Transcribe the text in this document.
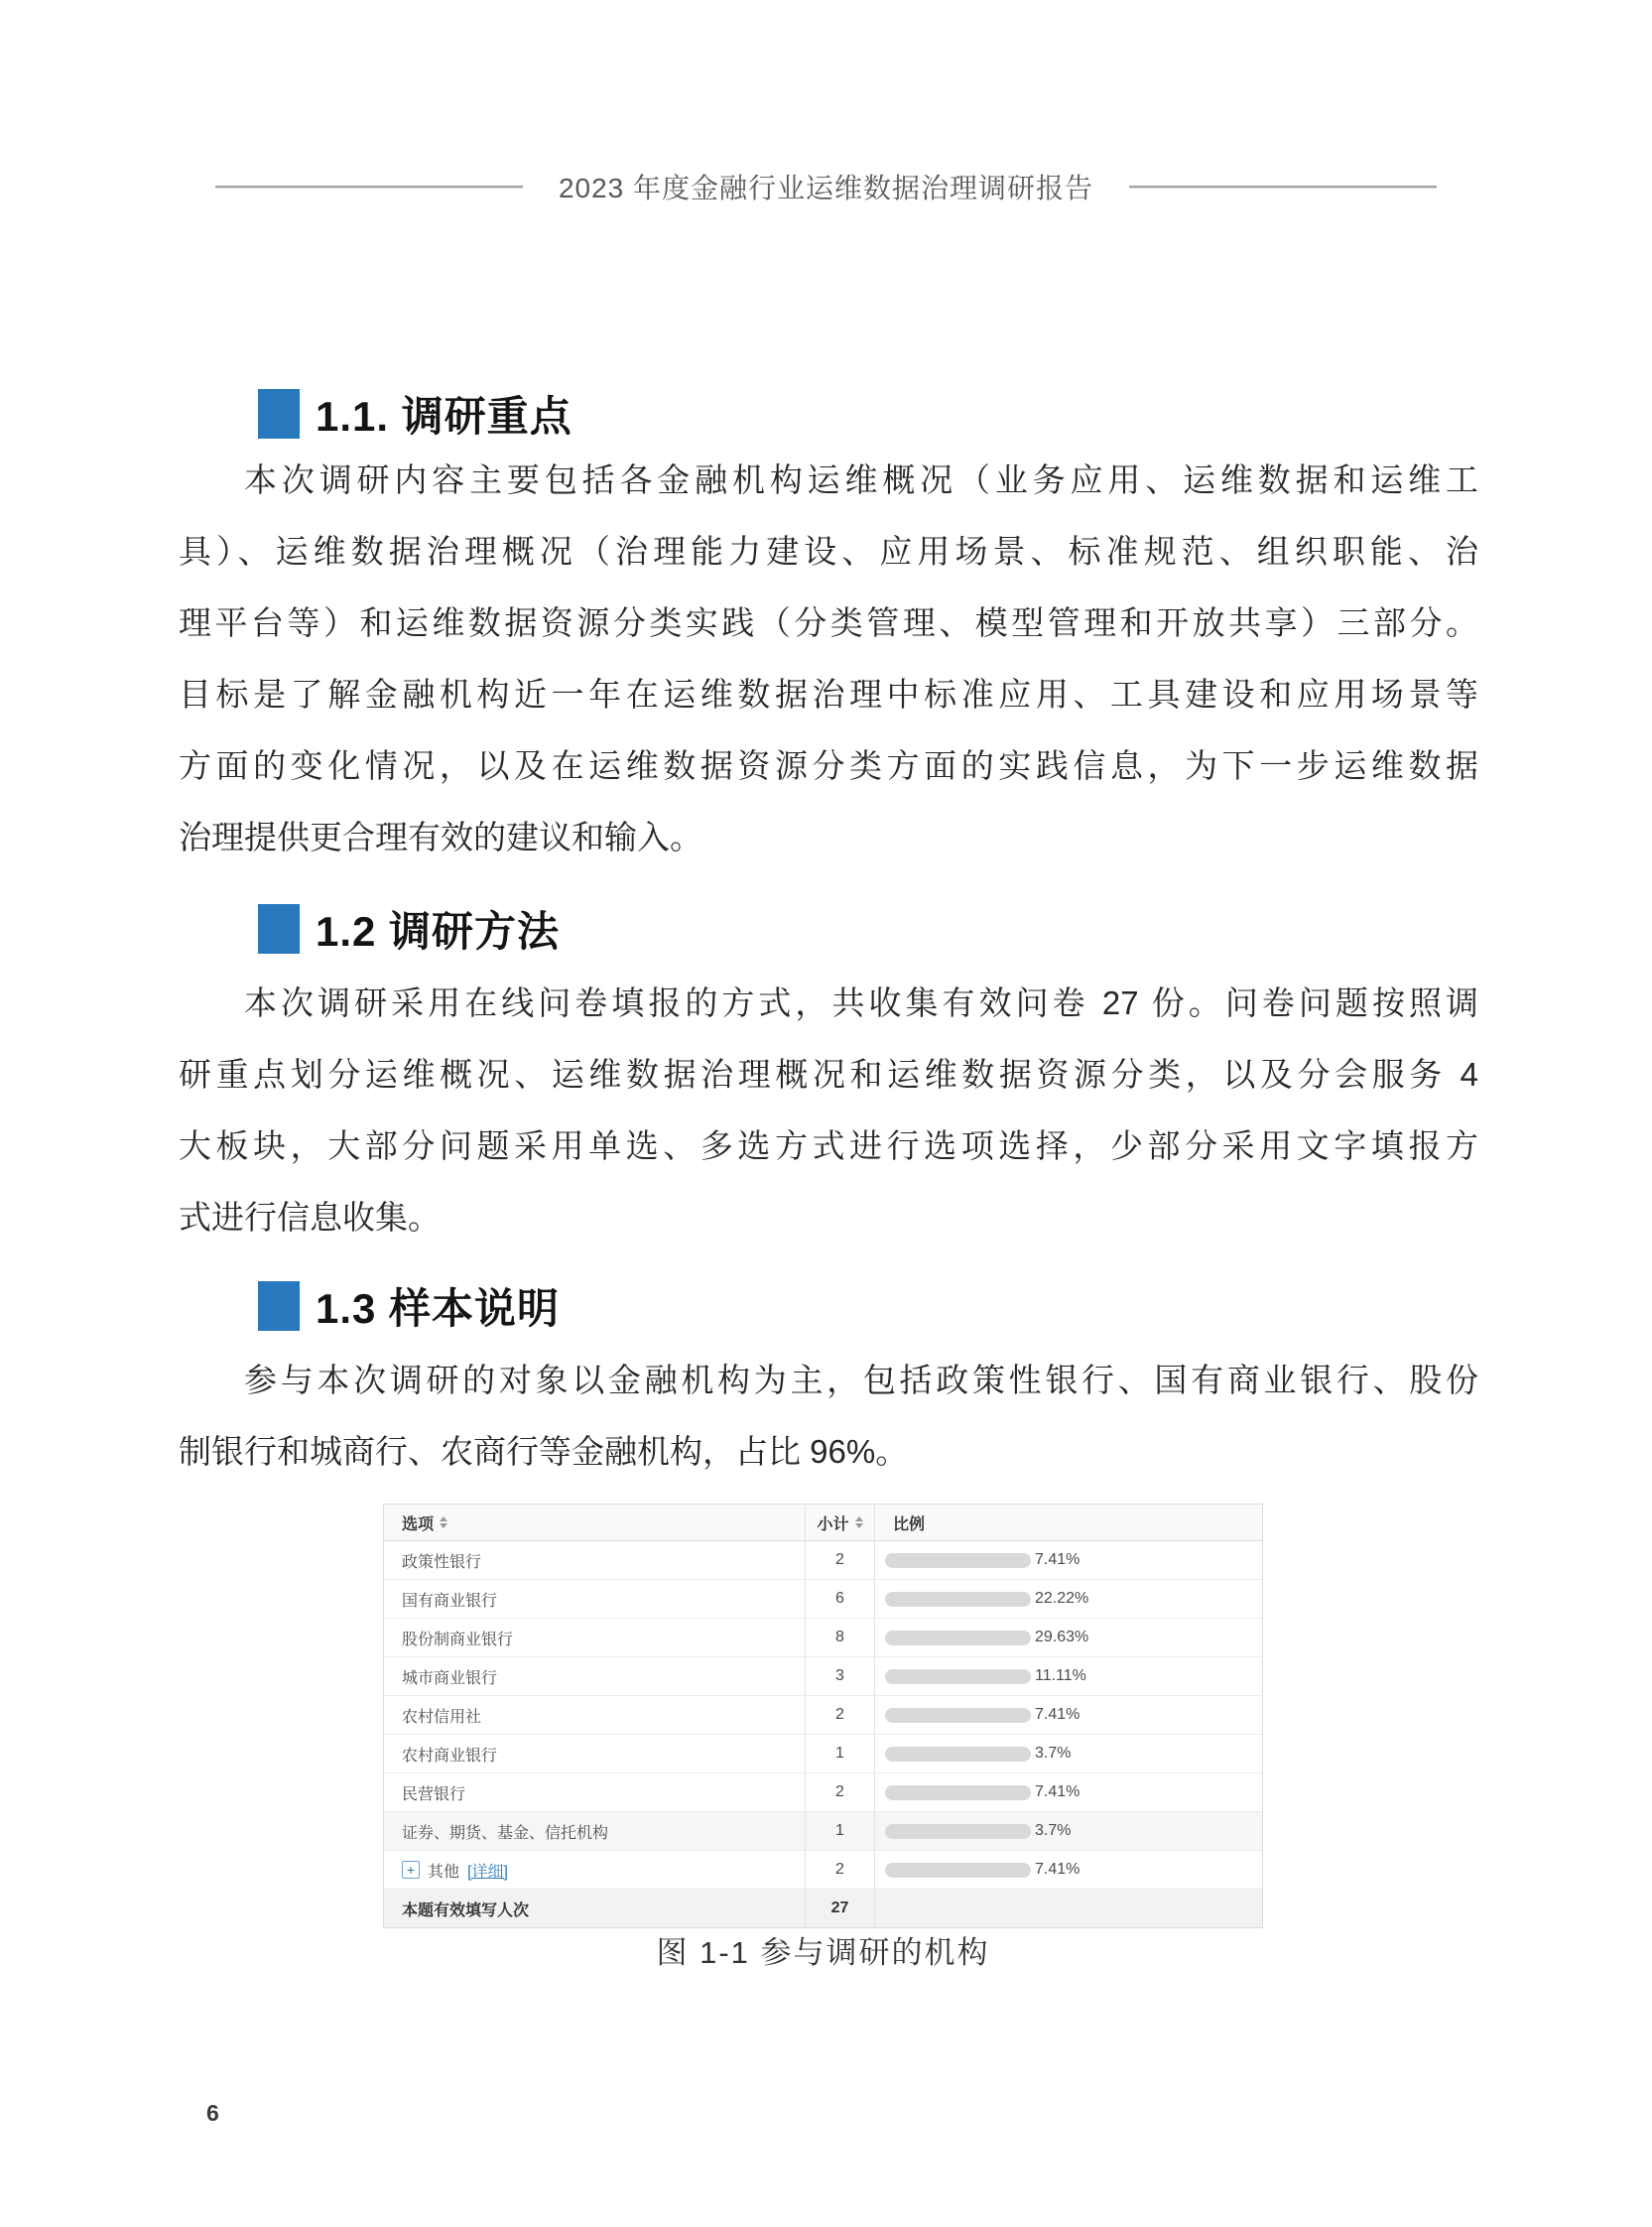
2023 年度金融行业运维数据治理调研报告
1.1. 调研重点
本次调研内容主要包括各金融机构运维概况（业务应用、运维数据和运维工
具）、运维数据治理概况（治理能力建设、应用场景、标准规范、组织职能、治
理平台等）和运维数据资源分类实践（分类管理、模型管理和开放共享）三部分。
目标是了解金融机构近一年在运维数据治理中标准应用、工具建设和应用场景等
方面的变化情况，以及在运维数据资源分类方面的实践信息，为下一步运维数据
治理提供更合理有效的建议和输入。
1.2 调研方法
本次调研采用在线问卷填报的方式，共收集有效问卷 27 份。问卷问题按照调
研重点划分运维概况、运维数据治理概况和运维数据资源分类，以及分会服务 4
大板块，大部分问题采用单选、多选方式进行选项选择，少部分采用文字填报方
式进行信息收集。
1.3 样本说明
参与本次调研的对象以金融机构为主，包括政策性银行、国有商业银行、股份
制银行和城商行、农商行等金融机构，占比 96%。
选项	小计	比例
政策性银行	2	7.41%
国有商业银行	6	22.22%
股份制商业银行	8	29.63%
城市商业银行	3	11.11%
农村信用社	2	7.41%
农村商业银行	1	3.7%
民营银行	2	7.41%
证券、期货、基金、信托机构	1	3.7%
+ 其他 [详细]	2	7.41%
本题有效填写人次	27
图 1-1 参与调研的机构
6
